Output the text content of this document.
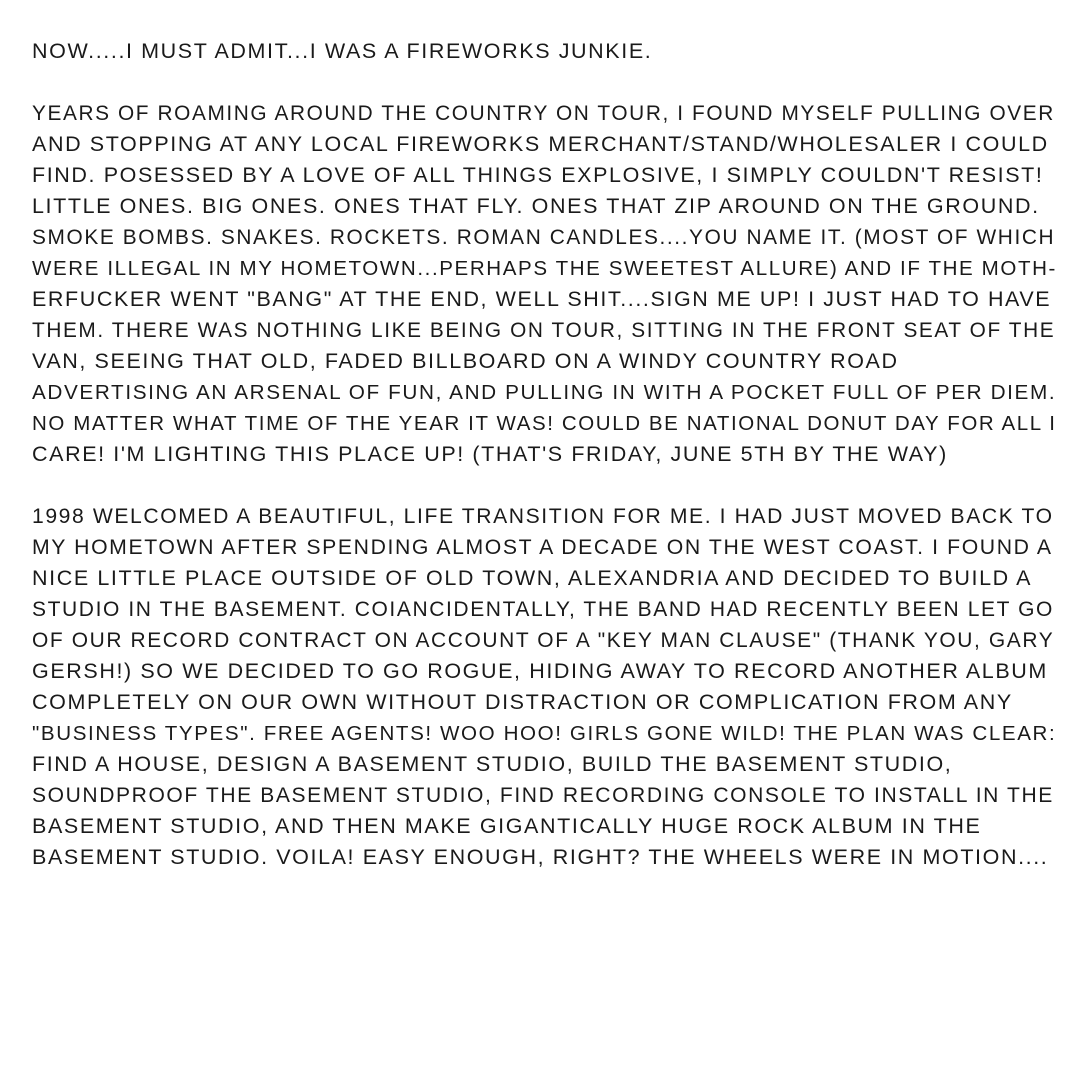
NOW.....I MUST ADMIT...I WAS A FIREWORKS JUNKIE.
YEARS OF ROAMING AROUND THE COUNTRY ON TOUR, I FOUND MYSELF PULLING OVER
AND STOPPING AT ANY LOCAL FIREWORKS MERCHANT/STAND/WHOLESALER I COULD
FIND. POSESSED BY A LOVE OF ALL THINGS EXPLOSIVE, I SIMPLY COULDN'T RESIST!
LITTLE ONES. BIG ONES. ONES THAT FLY. ONES THAT ZIP AROUND ON THE GROUND.
SMOKE BOMBS. SNAKES. ROCKETS. ROMAN CANDLES....YOU NAME IT. (MOST OF WHICH
WERE ILLEGAL IN MY HOMETOWN...PERHAPS THE SWEETEST ALLURE) AND IF THE MOTH-
ERFUCKER WENT "BANG" AT THE END, WELL SHIT....SIGN ME UP! I JUST HAD TO HAVE
THEM. THERE WAS NOTHING LIKE BEING ON TOUR, SITTING IN THE FRONT SEAT OF THE
VAN, SEEING THAT OLD, FADED BILLBOARD ON A WINDY COUNTRY ROAD
ADVERTISING AN ARSENAL OF FUN, AND PULLING IN WITH A POCKET FULL OF PER DIEM.
NO MATTER WHAT TIME OF THE YEAR IT WAS! COULD BE NATIONAL DONUT DAY FOR ALL I
CARE! I'M LIGHTING THIS PLACE UP! (THAT'S FRIDAY, JUNE 5TH BY THE WAY)
1998 WELCOMED A BEAUTIFUL, LIFE TRANSITION FOR ME. I HAD JUST MOVED BACK TO
MY HOMETOWN AFTER SPENDING ALMOST A DECADE ON THE WEST COAST. I FOUND A
NICE LITTLE PLACE OUTSIDE OF OLD TOWN, ALEXANDRIA AND DECIDED TO BUILD A
STUDIO IN THE BASEMENT. COIANCIDENTALLY, THE BAND HAD RECENTLY BEEN LET GO
OF OUR RECORD CONTRACT ON ACCOUNT OF A "KEY MAN CLAUSE" (THANK YOU, GARY
GERSH!) SO WE DECIDED TO GO ROGUE, HIDING AWAY TO RECORD ANOTHER ALBUM
COMPLETELY ON OUR OWN WITHOUT DISTRACTION OR COMPLICATION FROM ANY
"BUSINESS TYPES". FREE AGENTS! WOO HOO! GIRLS GONE WILD! THE PLAN WAS CLEAR:
FIND A HOUSE, DESIGN A BASEMENT STUDIO, BUILD THE BASEMENT STUDIO,
SOUNDPROOF THE BASEMENT STUDIO, FIND RECORDING CONSOLE TO INSTALL IN THE
BASEMENT STUDIO, AND THEN MAKE GIGANTICALLY HUGE ROCK ALBUM IN THE
BASEMENT STUDIO. VOILA! EASY ENOUGH, RIGHT? THE WHEELS WERE IN MOTION....
